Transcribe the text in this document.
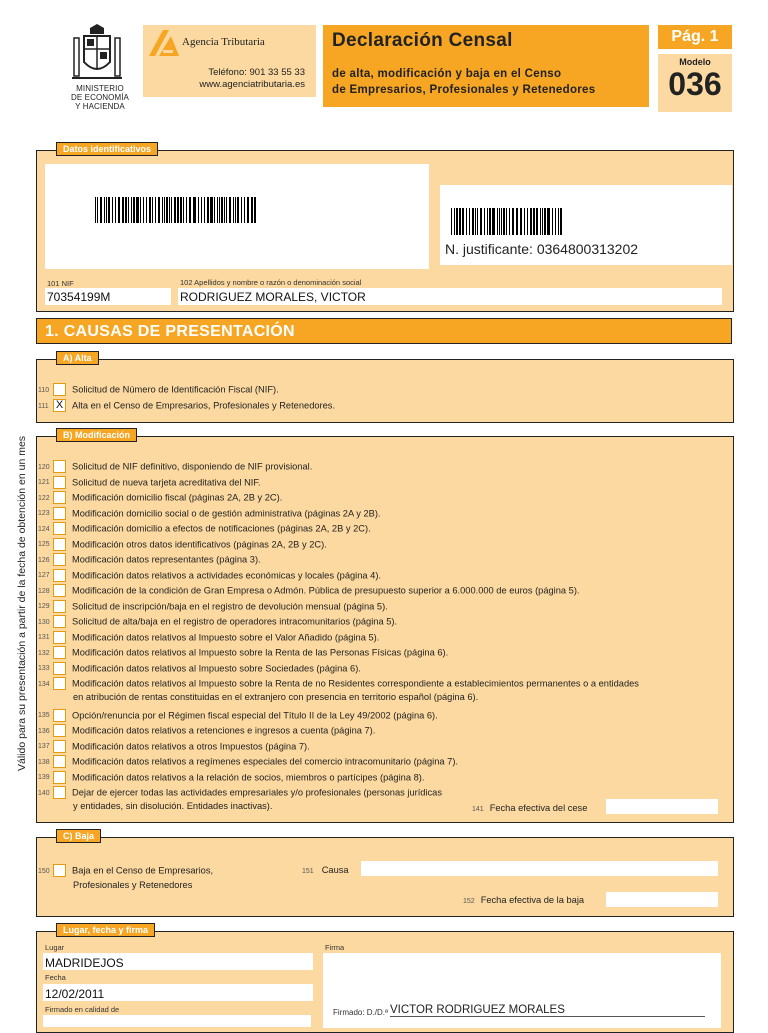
MINISTERIO
DE ECONOMÍA
Y HACIENDA
Agencia Tributaria
Teléfono: 901 33 55 33
www.agenciatributaria.es
Declaración Censal
de alta, modificación y baja en el Censo
de Empresarios, Profesionales y Retenedores
Pág. 1
Modelo
036
Válido para su presentación a partir de la fecha de obtención en un mes
Datos identificativos
N. justificante: 0364800313202
101 NIF	102 Apellidos y nombre o razón o denominación social
70354199M	RODRIGUEZ MORALES, VICTOR
1. CAUSAS DE PRESENTACIÓN
A) Alta
110 Solicitud de Número de Identificación Fiscal (NIF).
111 X Alta en el Censo de Empresarios, Profesionales y Retenedores.
B) Modificación
120 Solicitud de NIF definitivo, disponiendo de NIF provisional.
121 Solicitud de nueva tarjeta acreditativa del NIF.
122 Modificación domicilio fiscal (páginas 2A, 2B y 2C).
123 Modificación domicilio social o de gestión administrativa (páginas 2A y 2B).
124 Modificación domicilio a efectos de notificaciones (páginas 2A, 2B y 2C).
125 Modificación otros datos identificativos (páginas 2A, 2B y 2C).
126 Modificación datos representantes (página 3).
127 Modificación datos relativos a actividades económicas y locales (página 4).
128 Modificación de la condición de Gran Empresa o Admón. Pública de presupuesto superior a 6.000.000 de euros (página 5).
129 Solicitud de inscripción/baja en el registro de devolución mensual (página 5).
130 Solicitud de alta/baja en el registro de operadores intracomunitarios (página 5).
131 Modificación datos relativos al Impuesto sobre el Valor Añadido (página 5).
132 Modificación datos relativos al Impuesto sobre la Renta de las Personas Físicas (página 6).
133 Modificación datos relativos al Impuesto sobre Sociedades (página 6).
134 Modificación datos relativos al Impuesto sobre la Renta de no Residentes correspondiente a establecimientos permanentes o a entidades
135 Opción/renuncia por el Régimen fiscal especial del Título II de la Ley 49/2002 (página 6).
136 Modificación datos relativos a retenciones e ingresos a cuenta (página 7).
137 Modificación datos relativos a otros Impuestos (página 7).
138 Modificación datos relativos a regímenes especiales del comercio intracomunitario (página 7).
139 Modificación datos relativos a la relación de socios, miembros o partícipes (página 8).
140 Dejar de ejercer todas las actividades empresariales y/o profesionales (personas jurídicas
en atribución de rentas constituidas en el extranjero con presencia en territorio español (página 6).
y entidades, sin disolución. Entidades inactivas).	141 Fecha efectiva del cese
C) Baja
150 Baja en el Censo de Empresarios,
Profesionales y Retenedores
151 Causa
152 Fecha efectiva de la baja
Lugar, fecha y firma
Lugar
MADRIDEJOS
Fecha
12/02/2011
Firmado en calidad de
Firma
Firmado: D./D.ª VICTOR RODRIGUEZ MORALES
